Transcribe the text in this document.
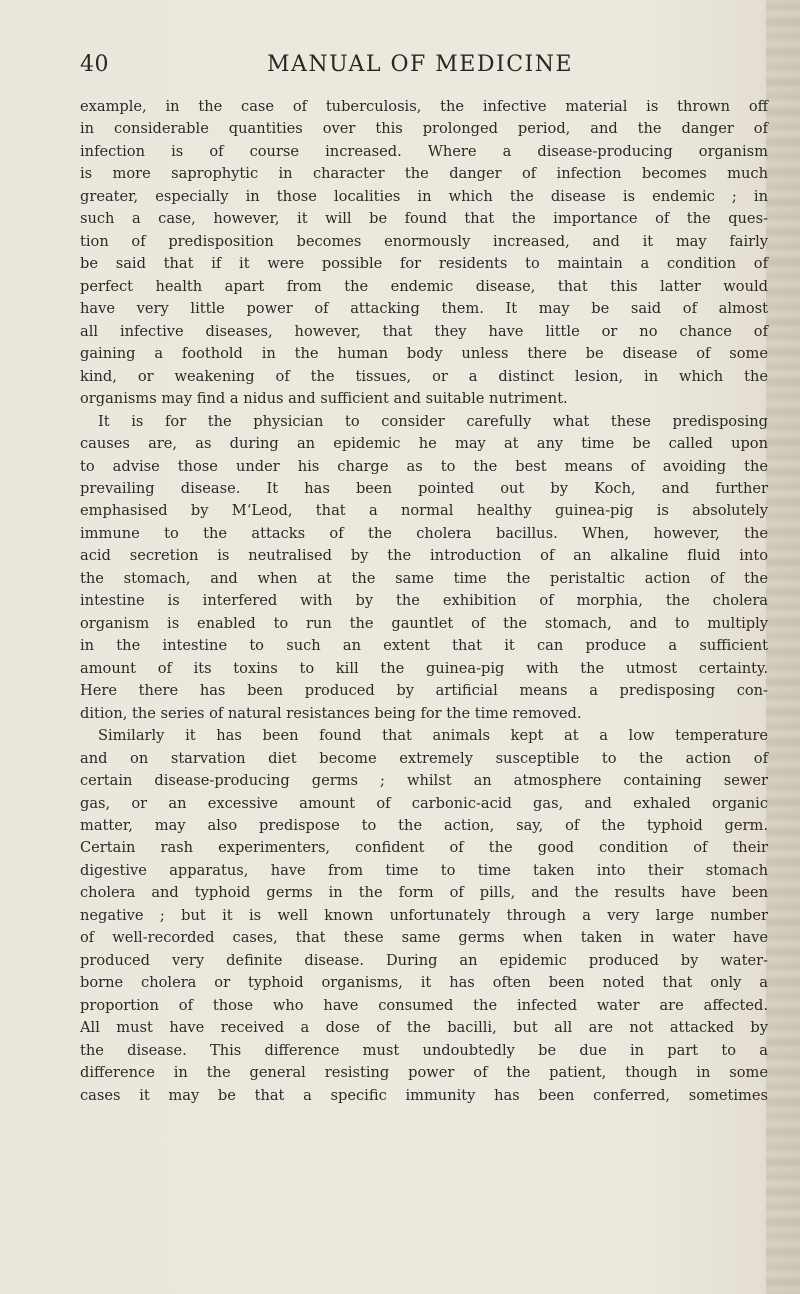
40	MANUAL OF MEDICINE
example, in the case of tuberculosis, the infective material is thrown off
in considerable quantities over this prolonged period, and the danger of
infection is of course increased. Where a disease-producing organism
is more saprophytic in character the danger of infection becomes much
greater, especially in those localities in which the disease is endemic ; in
such a case, however, it will be found that the importance of the ques-
tion of predisposition becomes enormously increased, and it may fairly
be said that if it were possible for residents to maintain a condition of
perfect health apart from the endemic disease, that this latter would
have very little power of attacking them. It may be said of almost
all infective diseases, however, that they have little or no chance of
gaining a foothold in the human body unless there be disease of some
kind, or weakening of the tissues, or a distinct lesion, in which the
organisms may find a nidus and sufficient and suitable nutriment.
It is for the physician to consider carefully what these predisposing
causes are, as during an epidemic he may at any time be called upon
to advise those under his charge as to the best means of avoiding the
prevailing disease. It has been pointed out by Koch, and further
emphasised by M‘Leod, that a normal healthy guinea-pig is absolutely
immune to the attacks of the cholera bacillus. When, however, the
acid secretion is neutralised by the introduction of an alkaline fluid into
the stomach, and when at the same time the peristaltic action of the
intestine is interfered with by the exhibition of morphia, the cholera
organism is enabled to run the gauntlet of the stomach, and to multiply
in the intestine to such an extent that it can produce a sufficient
amount of its toxins to kill the guinea-pig with the utmost certainty.
Here there has been produced by artificial means a predisposing con-
dition, the series of natural resistances being for the time removed.
Similarly it has been found that animals kept at a low temperature
and on starvation diet become extremely susceptible to the action of
certain disease-producing germs ; whilst an atmosphere containing sewer
gas, or an excessive amount of carbonic-acid gas, and exhaled organic
matter, may also predispose to the action, say, of the typhoid germ.
Certain rash experimenters, confident of the good condition of their
digestive apparatus, have from time to time taken into their stomach
cholera and typhoid germs in the form of pills, and the results have been
negative ; but it is well known unfortunately through a very large number
of well-recorded cases, that these same germs when taken in water have
produced very definite disease. During an epidemic produced by water-
borne cholera or typhoid organisms, it has often been noted that only a
proportion of those who have consumed the infected water are affected.
All must have received a dose of the bacilli, but all are not attacked by
the disease. This difference must undoubtedly be due in part to a
difference in the general resisting power of the patient, though in some
cases it may be that a specific immunity has been conferred, sometimes
